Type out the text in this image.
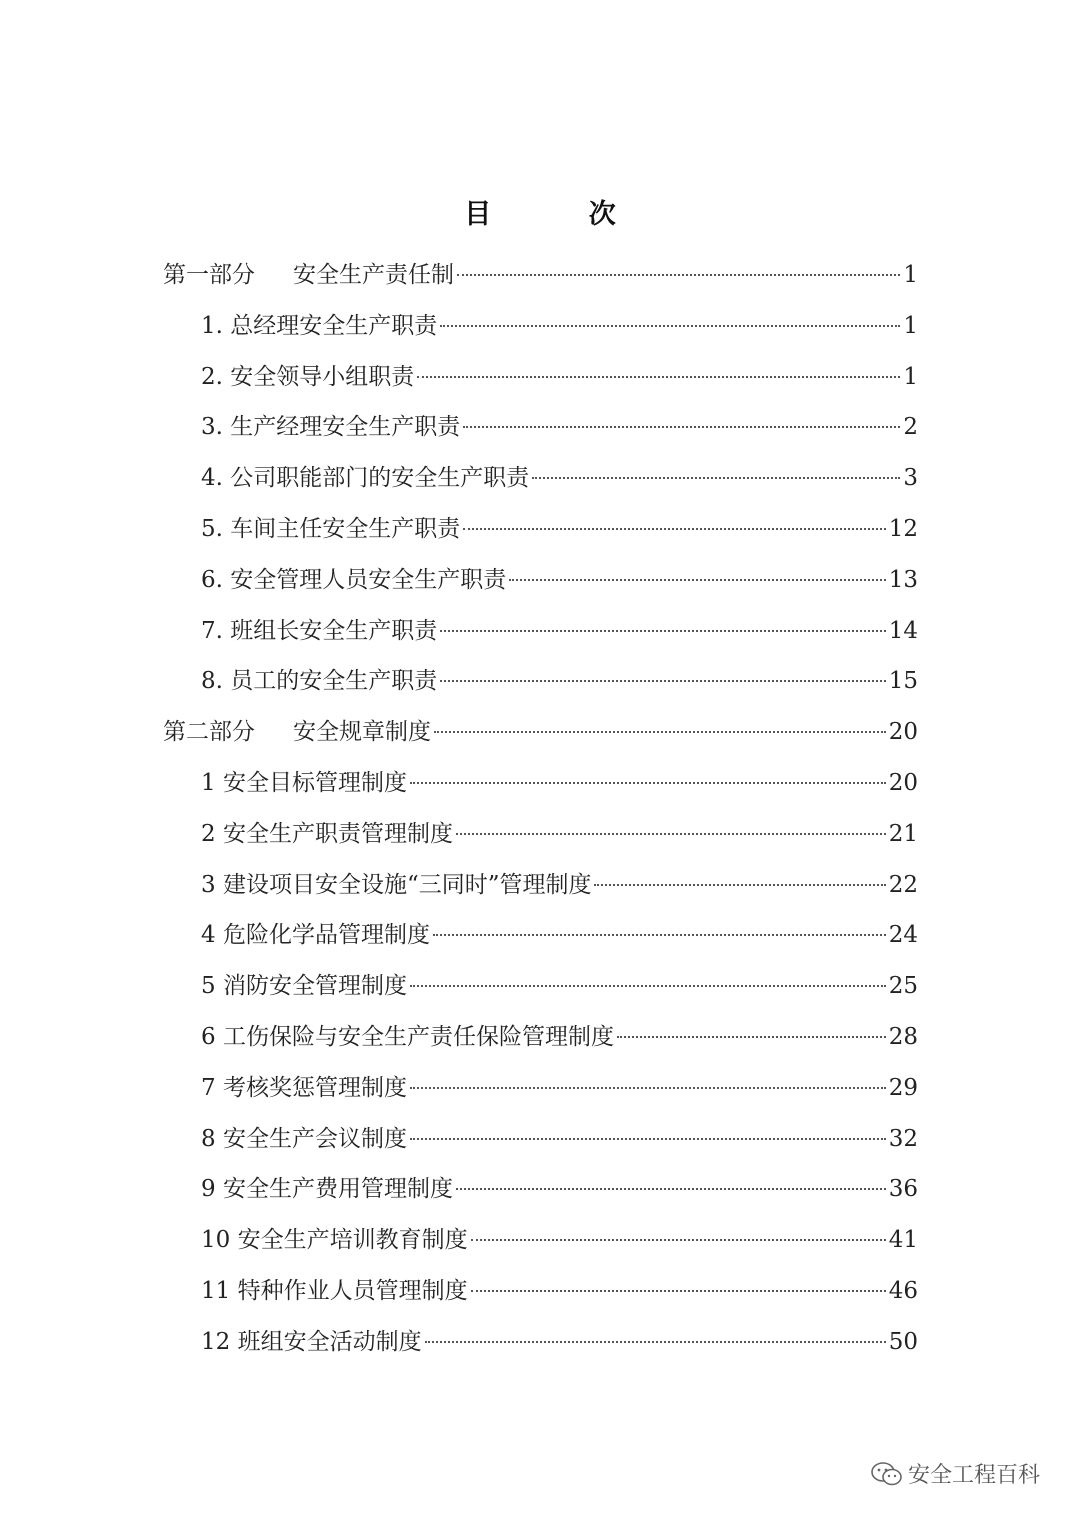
目 次
第一部分 安全生产责任制	1
1. 总经理安全生产职责	1
2. 安全领导小组职责	1
3. 生产经理安全生产职责	2
4. 公司职能部门的安全生产职责	3
5. 车间主任安全生产职责	12
6. 安全管理人员安全生产职责	13
7. 班组长安全生产职责	14
8. 员工的安全生产职责	15
第二部分 安全规章制度	20
1 安全目标管理制度	20
2 安全生产职责管理制度	21
3 建设项目安全设施“三同时”管理制度	22
4 危险化学品管理制度	24
5 消防安全管理制度	25
6 工伤保险与安全生产责任保险管理制度	28
7 考核奖惩管理制度	29
8 安全生产会议制度	32
9 安全生产费用管理制度	36
10 安全生产培训教育制度	41
11 特种作业人员管理制度	46
12 班组安全活动制度	50
安全工程百科
